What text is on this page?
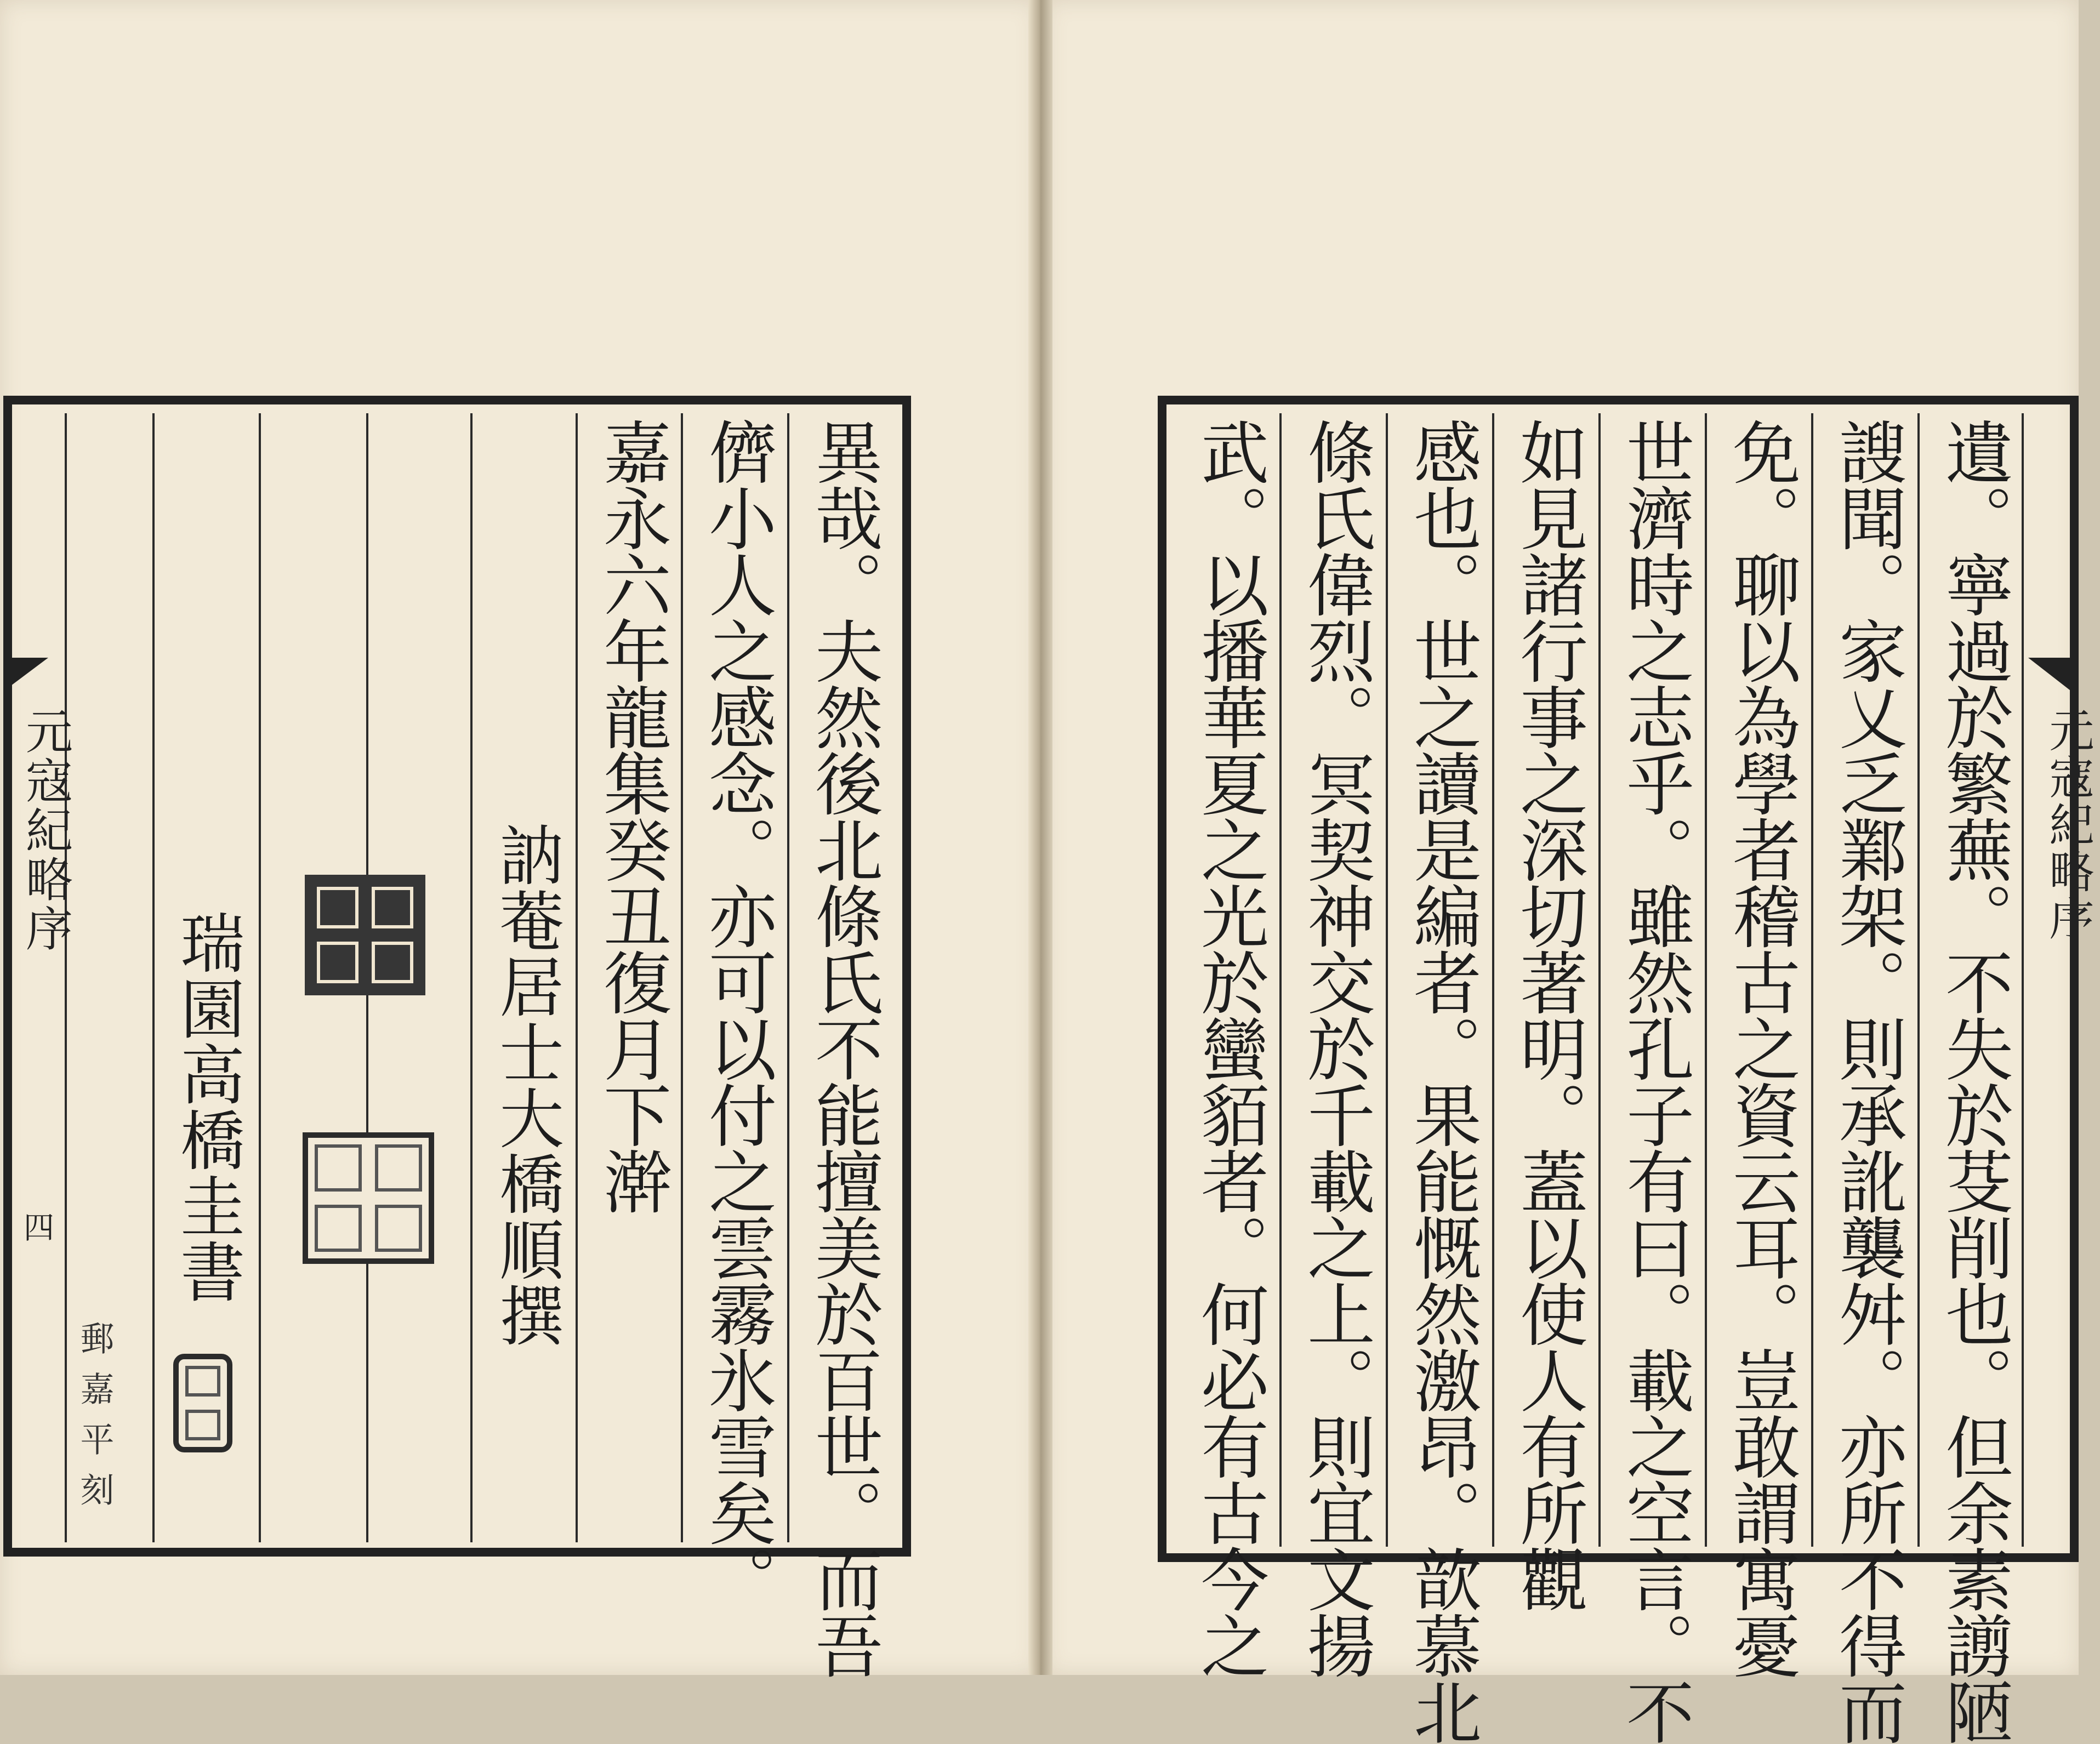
異哉。夫然後北條氏不能擅美於百世。而吾
儕小人之感念。亦可以付之雲霧氷雪矣。
嘉永六年龍集癸丑復月下澣
訥菴居士大橋順撰
瑞園高橋圭書
元寇紀略序
四
郵嘉平刻	遺。寧過於繁蕪。不失於芟削也。但余素謭陋
謏聞。家乂乏鄴架。則承訛襲舛。亦所不得而
免。聊以為學者稽古之資云耳。豈敢謂寓憂
世濟時之志乎。雖然孔子有曰。載之空言。不
如見諸行事之深切著明。蓋以使人有所觀
感也。世之讀是編者。果能慨然激昂。歆慕北
條氏偉烈。冥契神交於千載之上。則宜文揚
武。以播華夏之光於蠻貊者。何必有古今之	元寇紀略序
